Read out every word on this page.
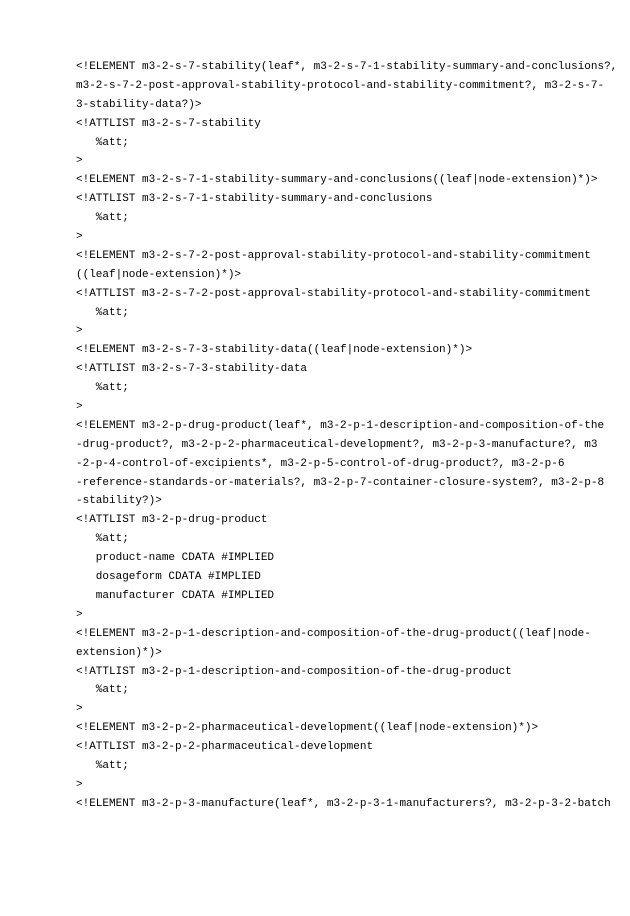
<!ELEMENT m3-2-s-7-stability(leaf*, m3-2-s-7-1-stability-summary-and-conclusions?,
m3-2-s-7-2-post-approval-stability-protocol-and-stability-commitment?, m3-2-s-7-
3-stability-data?)>
<!ATTLIST m3-2-s-7-stability
%att;
>
<!ELEMENT m3-2-s-7-1-stability-summary-and-conclusions((leaf|node-extension)*)>
<!ATTLIST m3-2-s-7-1-stability-summary-and-conclusions
%att;
>
<!ELEMENT m3-2-s-7-2-post-approval-stability-protocol-and-stability-commitment
((leaf|node-extension)*)>
<!ATTLIST m3-2-s-7-2-post-approval-stability-protocol-and-stability-commitment
%att;
>
<!ELEMENT m3-2-s-7-3-stability-data((leaf|node-extension)*)>
<!ATTLIST m3-2-s-7-3-stability-data
%att;
>
<!ELEMENT m3-2-p-drug-product(leaf*, m3-2-p-1-description-and-composition-of-the
-drug-product?, m3-2-p-2-pharmaceutical-development?, m3-2-p-3-manufacture?, m3
-2-p-4-control-of-excipients*, m3-2-p-5-control-of-drug-product?, m3-2-p-6
-reference-standards-or-materials?, m3-2-p-7-container-closure-system?, m3-2-p-8
-stability?)>
<!ATTLIST m3-2-p-drug-product
%att;
product-name CDATA #IMPLIED
dosageform CDATA #IMPLIED
manufacturer CDATA #IMPLIED
>
<!ELEMENT m3-2-p-1-description-and-composition-of-the-drug-product((leaf|node-
extension)*)>
<!ATTLIST m3-2-p-1-description-and-composition-of-the-drug-product
%att;
>
<!ELEMENT m3-2-p-2-pharmaceutical-development((leaf|node-extension)*)>
<!ATTLIST m3-2-p-2-pharmaceutical-development
%att;
>
<!ELEMENT m3-2-p-3-manufacture(leaf*, m3-2-p-3-1-manufacturers?, m3-2-p-3-2-batch
